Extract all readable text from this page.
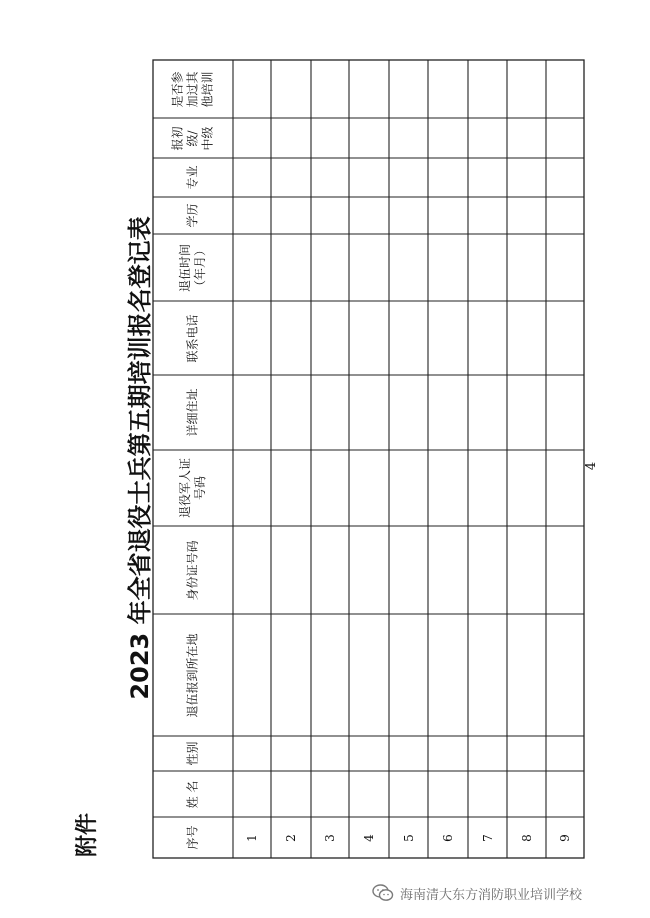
附件
2023 年全省退役士兵第五期培训报名登记表	4
序号
姓 名
性别
退伍报到所在地
身份证号码
退役军人证
号码
详细住址
联系电话
退伍时间
（年月）
学历
专业
报初
级/
中级
是否参
加过其
他培训
1 2 3 4 5 6 7 8 9
海南清大东方消防职业培训学校
